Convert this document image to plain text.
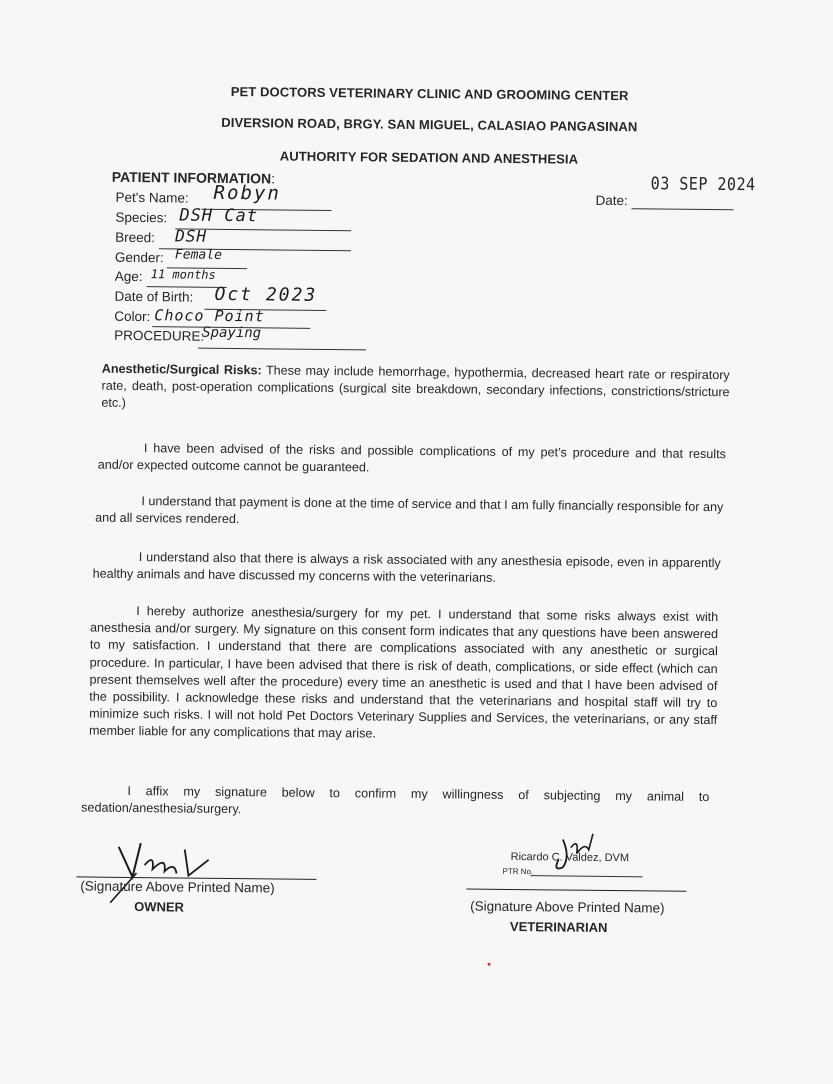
PET DOCTORS VETERINARY CLINIC AND GROOMING CENTER
DIVERSION ROAD, BRGY. SAN MIGUEL, CALASIAO PANGASINAN
AUTHORITY FOR SEDATION AND ANESTHESIA
PATIENT INFORMATION:	03 SEP 2024
Date:
Pet's Name: Robyn
Species: DSH Cat
Breed: DSH
Gender: Female
Age: 11 months
Date of Birth: Oct 2023
Color: Choco Point
PROCEDURE:
Spaying
Anesthetic/Surgical Risks: These may include hemorrhage, hypothermia, decreased heart rate or respiratory rate, death, post-operation complications (surgical site breakdown, secondary infections, constrictions/stricture etc.)
I have been advised of the risks and possible complications of my pet’s procedure and that results and/or expected outcome cannot be guaranteed.
I understand that payment is done at the time of service and that I am fully financially responsible for any and all services rendered.
I understand also that there is always a risk associated with any anesthesia episode, even in apparently healthy animals and have discussed my concerns with the veterinarians.
I hereby authorize anesthesia/surgery for my pet. I understand that some risks always exist with anesthesia and/or surgery. My signature on this consent form indicates that any questions have been answered to my satisfaction. I understand that there are complications associated with any anesthetic or surgical procedure. In particular, I have been advised that there is risk of death, complications, or side effect (which can present themselves well after the procedure) every time an anesthetic is used and that I have been advised of the possibility. I acknowledge these risks and understand that the veterinarians and hospital staff will try to minimize such risks. I will not hold Pet Doctors Veterinary Supplies and Services, the veterinarians, or any staff member liable for any complications that may arise.
I affix my signature below to confirm my willingness of subjecting my animal to sedation/anesthesia/surgery.
(Signature Above Printed Name)
OWNER
Ricardo C. Valdez, DVM
PTR No.
(Signature Above Printed Name)
VETERINARIAN
